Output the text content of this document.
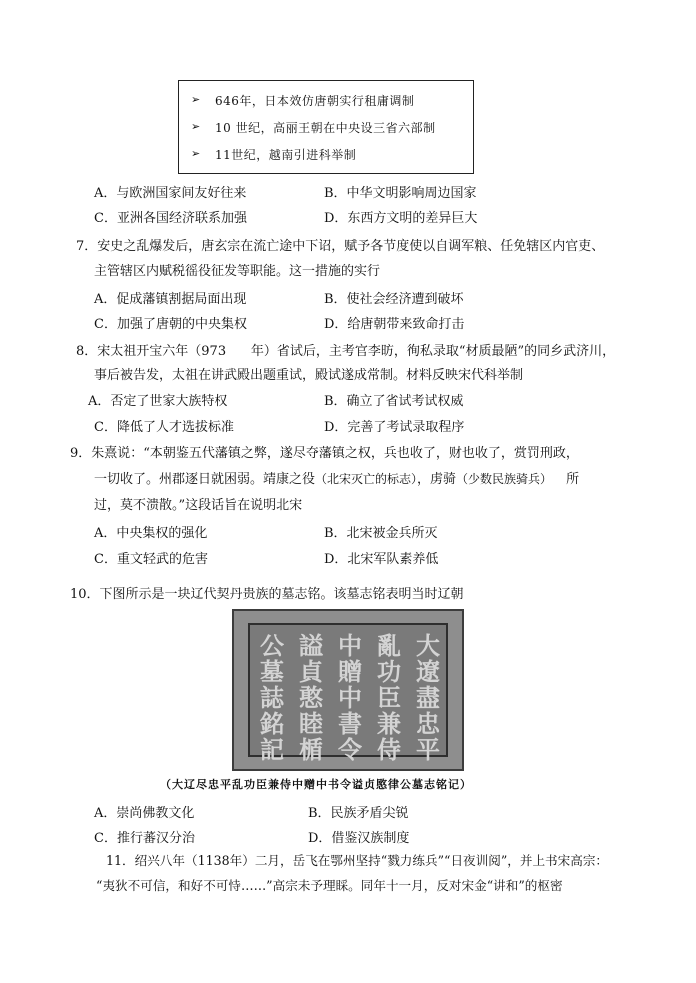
➢ 646年，日本效仿唐朝实行租庸调制
➢ 10 世纪，高丽王朝在中央设三省六部制
➢ 11世纪，越南引进科举制
A．与欧洲国家间友好往来	B．中华文明影响周边国家
C．亚洲各国经济联系加强	D．东西方文明的差异巨大
7．安史之乱爆发后，唐玄宗在流亡途中下诏，赋予各节度使以自调军粮、任免辖区内官吏、
主管辖区内赋税徭役征发等职能。这一措施的实行
A．促成藩镇割据局面出现	B．使社会经济遭到破坏
C．加强了唐朝的中央集权	D．给唐朝带来致命打击
8．宋太祖开宝六年（973      年）省试后，主考官李昉，徇私录取“材质最陋”的同乡武济川，
事后被告发，太祖在讲武殿出题重试，殿试遂成常制。材料反映宋代科举制
A．否定了世家大族特权	B．确立了省试考试权威
C．降低了人才选拔标准	D．完善了考试录取程序
9．朱熹说：“本朝鉴五代藩镇之弊，遂尽夺藩镇之权，兵也收了，财也收了，赏罚刑政，
一切收了。州郡逐日就困弱。靖康之役（北宋灭亡的标志），虏骑（少数民族骑兵） 所
过，莫不溃散。”这段话旨在说明北宋
A．中央集权的强化	B．北宋被金兵所灭
C．重文轻武的危害	D．北宋军队素养低
10．下图所示是一块辽代契丹贵族的墓志铭。该墓志铭表明当时辽朝
大遼盡忠平
亂功臣兼侍
中贈中書令
謚貞憨睦楯
公墓誌銘記
（大辽尽忠平乱功臣兼侍中赠中书令谥贞愍律公墓志铭记）
A．崇尚佛教文化	B．民族矛盾尖锐
C．推行蕃汉分治	D．借鉴汉族制度
11．绍兴八年（1138年）二月，岳飞在鄂州坚持“戮力练兵”“日夜训阅”，并上书宋高宗：
“夷狄不可信，和好不可恃……”高宗未予理睬。同年十一月，反对宋金“讲和”的枢密
